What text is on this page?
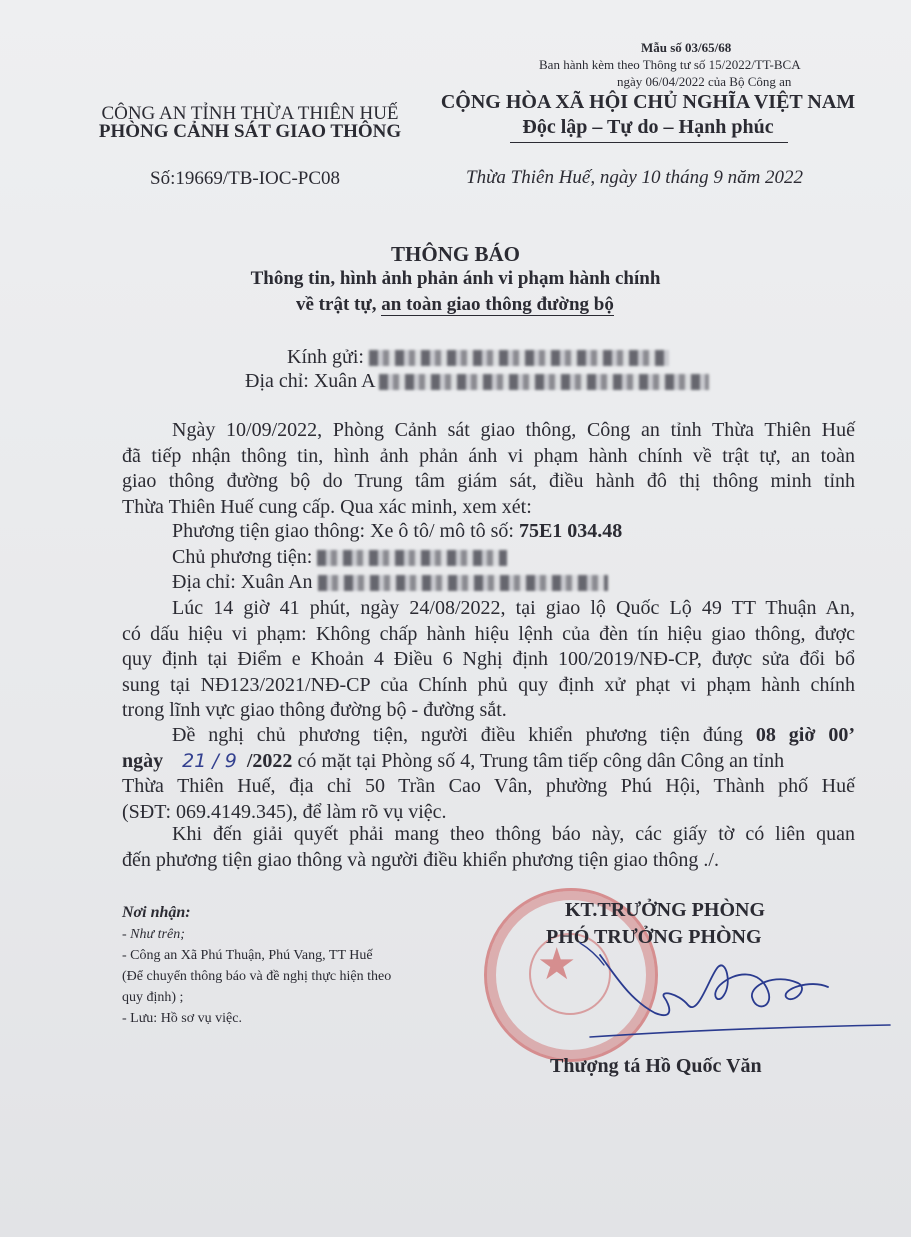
Mẫu số 03/65/68
Ban hành kèm theo Thông tư số 15/2022/TT-BCA
ngày 06/04/2022 của Bộ Công an
CÔNG AN TỈNH THỪA THIÊN HUẾ
PHÒNG CẢNH SÁT GIAO THÔNG
Số:19669/TB-IOC-PC08
CỘNG HÒA XÃ HỘI CHỦ NGHĨA VIỆT NAM
Độc lập – Tự do – Hạnh phúc
Thừa Thiên Huế, ngày 10 tháng 9 năm 2022
THÔNG BÁO
Thông tin, hình ảnh phản ánh vi phạm hành chính
về trật tự, an toàn giao thông đường bộ
Kính gửi:
Địa chỉ: Xuân A
Ngày 10/09/2022, Phòng Cảnh sát giao thông, Công an tỉnh Thừa Thiên Huế
đã tiếp nhận thông tin, hình ảnh phản ánh vi phạm hành chính về trật tự, an toàn
giao thông đường bộ do Trung tâm giám sát, điều hành đô thị thông minh tỉnh
Thừa Thiên Huế cung cấp. Qua xác minh, xem xét:
Phương tiện giao thông: Xe ô tô/ mô tô số: 75E1 034.48
Chủ phương tiện:
Địa chỉ: Xuân An
Lúc 14 giờ 41 phút, ngày 24/08/2022, tại giao lộ Quốc Lộ 49 TT Thuận An,
có dấu hiệu vi phạm: Không chấp hành hiệu lệnh của đèn tín hiệu giao thông, được
quy định tại Điểm e Khoản 4 Điều 6 Nghị định 100/2019/NĐ-CP, được sửa đổi bổ
sung tại NĐ123/2021/NĐ-CP của Chính phủ quy định xử phạt vi phạm hành chính
trong lĩnh vực giao thông đường bộ - đường sắt.
Đề nghị chủ phương tiện, người điều khiển phương tiện đúng 08 giờ 00’
ngày 21 / 9 /2022 có mặt tại Phòng số 4, Trung tâm tiếp công dân Công an tỉnh
Thừa Thiên Huế, địa chỉ 50 Trần Cao Vân, phường Phú Hội, Thành phố Huế
(SĐT: 069.4149.345), để làm rõ vụ việc.
Khi đến giải quyết phải mang theo thông báo này, các giấy tờ có liên quan
đến phương tiện giao thông và người điều khiển phương tiện giao thông ./.
Nơi nhận:
- Như trên;
- Công an Xã Phú Thuận, Phú Vang, TT Huế
(Để chuyển thông báo và đề nghị thực hiện theo
quy định) ;
- Lưu: Hồ sơ vụ việc.
★
KT.TRƯỞNG PHÒNG
PHÓ TRƯỞNG PHÒNG
Thượng tá Hồ Quốc Văn
